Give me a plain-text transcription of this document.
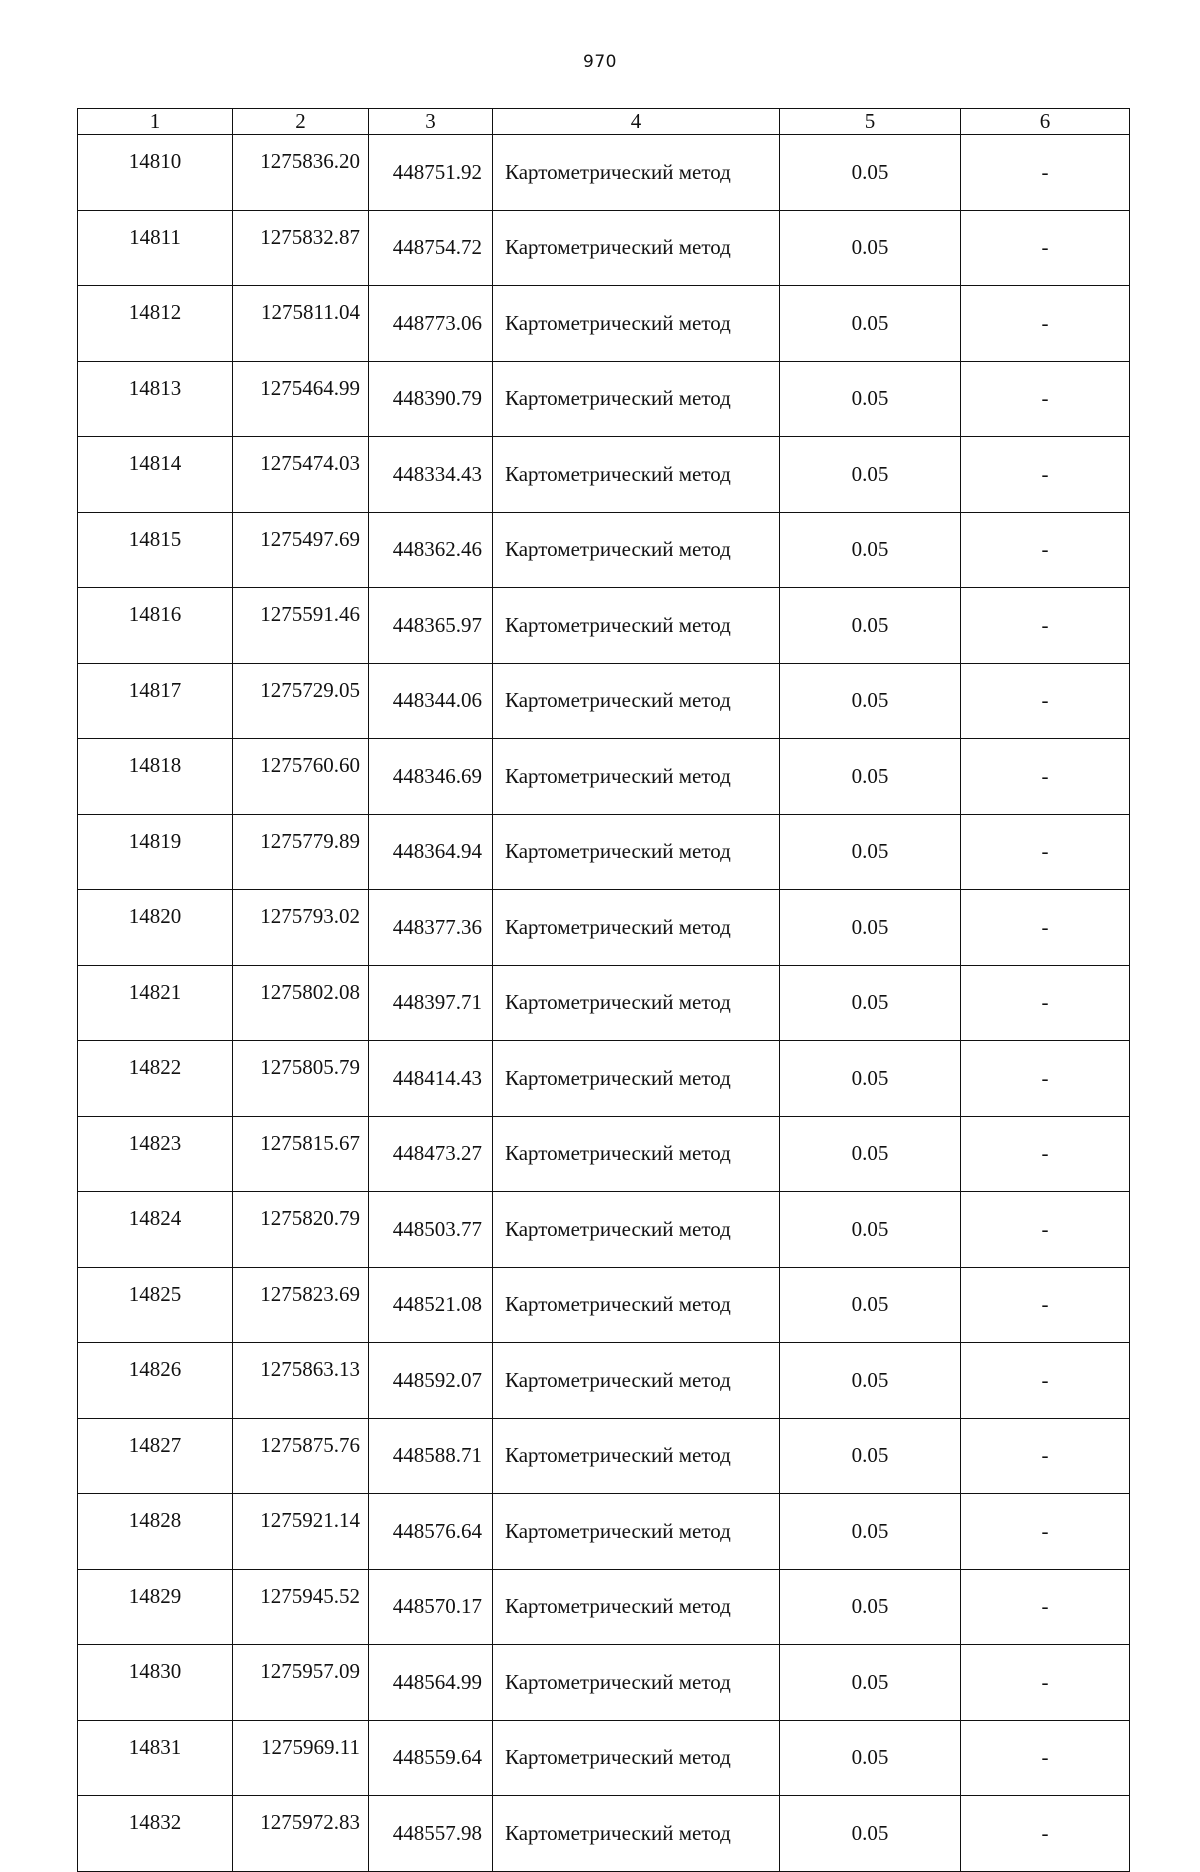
970
1	2	3	4	5	6
14810	1275836.20	448751.92	Картометрический метод	0.05	-
14811	1275832.87	448754.72	Картометрический метод	0.05	-
14812	1275811.04	448773.06	Картометрический метод	0.05	-
14813	1275464.99	448390.79	Картометрический метод	0.05	-
14814	1275474.03	448334.43	Картометрический метод	0.05	-
14815	1275497.69	448362.46	Картометрический метод	0.05	-
14816	1275591.46	448365.97	Картометрический метод	0.05	-
14817	1275729.05	448344.06	Картометрический метод	0.05	-
14818	1275760.60	448346.69	Картометрический метод	0.05	-
14819	1275779.89	448364.94	Картометрический метод	0.05	-
14820	1275793.02	448377.36	Картометрический метод	0.05	-
14821	1275802.08	448397.71	Картометрический метод	0.05	-
14822	1275805.79	448414.43	Картометрический метод	0.05	-
14823	1275815.67	448473.27	Картометрический метод	0.05	-
14824	1275820.79	448503.77	Картометрический метод	0.05	-
14825	1275823.69	448521.08	Картометрический метод	0.05	-
14826	1275863.13	448592.07	Картометрический метод	0.05	-
14827	1275875.76	448588.71	Картометрический метод	0.05	-
14828	1275921.14	448576.64	Картометрический метод	0.05	-
14829	1275945.52	448570.17	Картометрический метод	0.05	-
14830	1275957.09	448564.99	Картометрический метод	0.05	-
14831	1275969.11	448559.64	Картометрический метод	0.05	-
14832	1275972.83	448557.98	Картометрический метод	0.05	-
